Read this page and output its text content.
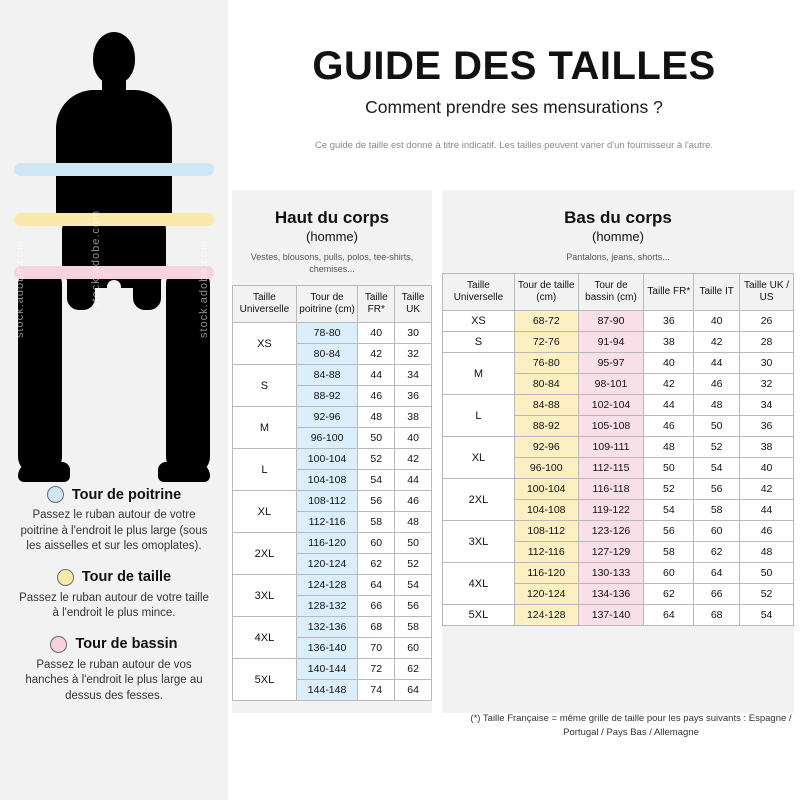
stock.adobe.com	stock.adobe.com
stock.adobe.com
Tour de poitrine
Passez le ruban autour de votre poitrine à l'endroit le plus large (sous les aisselles et sur les omoplates).
Tour de taille
Passez le ruban autour de votre taille à l'endroit le plus mince.
Tour de bassin
Passez le ruban autour de vos hanches à l'endroit le plus large au dessus des fesses.
GUIDE DES TAILLES
Comment prendre ses mensurations ?
Ce guide de taille est donné à titre indicatif. Les tailles peuvent varier d'un fournisseur à l'autre.
Haut du corps
(homme)
Vestes, blousons, pulls, polos, tee-shirts, chemises...
Taille Universelle	Tour de poitrine (cm)	Taille FR*	Taille UK
XS	78-80	40	30
	80-84	42	32
S	84-88	44	34
	88-92	46	36
M	92-96	48	38
	96-100	50	40
L	100-104	52	42
	104-108	54	44
XL	108-112	56	46
	112-116	58	48
2XL	116-120	60	50
	120-124	62	52
3XL	124-128	64	54
	128-132	66	56
4XL	132-136	68	58
	136-140	70	60
5XL	140-144	72	62
	144-148	74	64
Bas du corps
(homme)
Pantalons, jeans, shorts...
Taille Universelle	Tour de taille (cm)	Tour de bassin (cm)	Taille FR*	Taille IT	Taille UK / US
XS	68-72	87-90	36	40	26
S	72-76	91-94	38	42	28
M	76-80	95-97	40	44	30
	80-84	98-101	42	46	32
L	84-88	102-104	44	48	34
	88-92	105-108	46	50	36
XL	92-96	109-111	48	52	38
	96-100	112-115	50	54	40
2XL	100-104	116-118	52	56	42
	104-108	119-122	54	58	44
3XL	108-112	123-126	56	60	46
	112-116	127-129	58	62	48
4XL	116-120	130-133	60	64	50
	120-124	134-136	62	66	52
5XL	124-128	137-140	64	68	54
(*) Taille Française = même grille de taille pour les pays suivants : Espagne / Portugal / Pays Bas / Allemagne
